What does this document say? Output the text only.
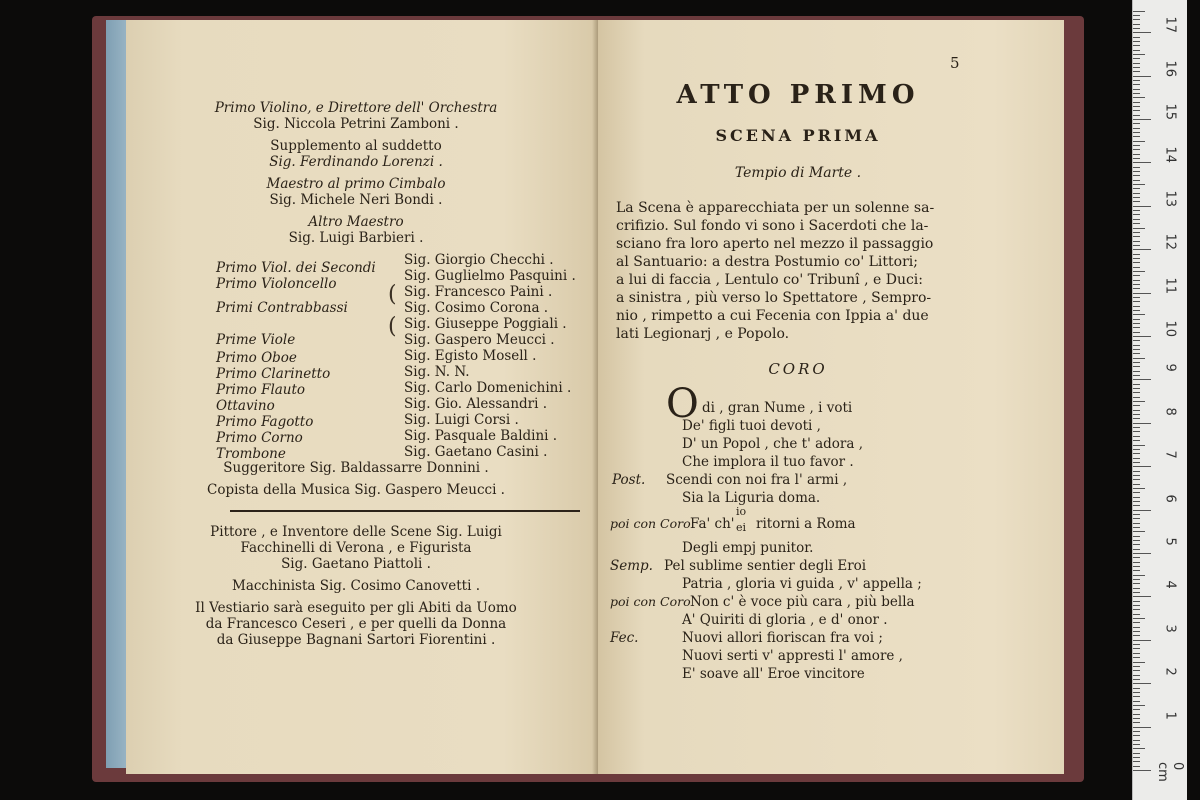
Primo Violino, e Direttore dell' Orchestra
Sig. Niccola Petrini Zamboni .
Supplemento al suddetto
Sig. Ferdinando Lorenzi .
Maestro al primo Cimbalo
Sig. Michele Neri Bondi .
Altro Maestro
Sig. Luigi Barbieri .
Primo Viol. dei Secondi
Primo Violoncello
Primi Contrabbassi
Prime Viole
Primo Oboe
Primo Clarinetto
Primo Flauto
Ottavino
Primo Fagotto
Primo Corno
Trombone
Sig. Giorgio Checchi .
Sig. Guglielmo Pasquini .
Sig. Francesco Paini .
Sig. Cosimo Corona .
Sig. Giuseppe Poggiali .
Sig. Gaspero Meucci .
Sig. Egisto Mosell .
Sig. N. N.
Sig. Carlo Domenichini .
Sig. Gio. Alessandri .
Sig. Luigi Corsi .
Sig. Pasquale Baldini .
Sig. Gaetano Casini .
(
(
Suggeritore Sig. Baldassarre Donnini .
Copista della Musica Sig. Gaspero Meucci .
Pittore , e Inventore delle Scene Sig. Luigi
Facchinelli di Verona , e Figurista
Sig. Gaetano Piattoli .
Macchinista Sig. Cosimo Canovetti .
Il Vestiario sarà eseguito per gli Abiti da Uomo
da Francesco Ceseri , e per quelli da Donna
da Giuseppe Bagnani Sartori Fiorentini .
5
ATTO PRIMO
SCENA PRIMA
Tempio di Marte .
La Scena è apparecchiata per un solenne sa-
crifizio. Sul fondo vi sono i Sacerdoti che la-
sciano fra loro aperto nel mezzo il passaggio
al Santuario: a destra Postumio co' Littori;
a lui di faccia , Lentulo co' Tribunî , e Duci:
a sinistra , più verso lo Spettatore , Sempro-
nio , rimpetto a cui Fecenia con Ippia a' due
lati Legionarj , e Popolo.
CORO
O di , gran Nume , i voti
De' figli tuoi devoti ,
D' un Popol , che t' adora ,
Che implora il tuo favor .
Post. Scendi con noi fra l' armi ,
Sia la Liguria doma.
poi con Coro Fa' ch'
io
ei ritorni a Roma
Degli empj punitor.
Semp. Pel sublime sentier degli Eroi
Patria , gloria vi guida , v' appella ;
poi con Coro Non c' è voce più cara , più bella
A' Quiriti di gloria , e d' onor .
Fec.	Nuovi allori fioriscan fra voi ;
Nuovi serti v' appresti l' amore ,
E' soave all' Eroe vincitore
17
16
15
14
13
12
11
10
9
8
7
6
5
4
3
2
1
0 cm
